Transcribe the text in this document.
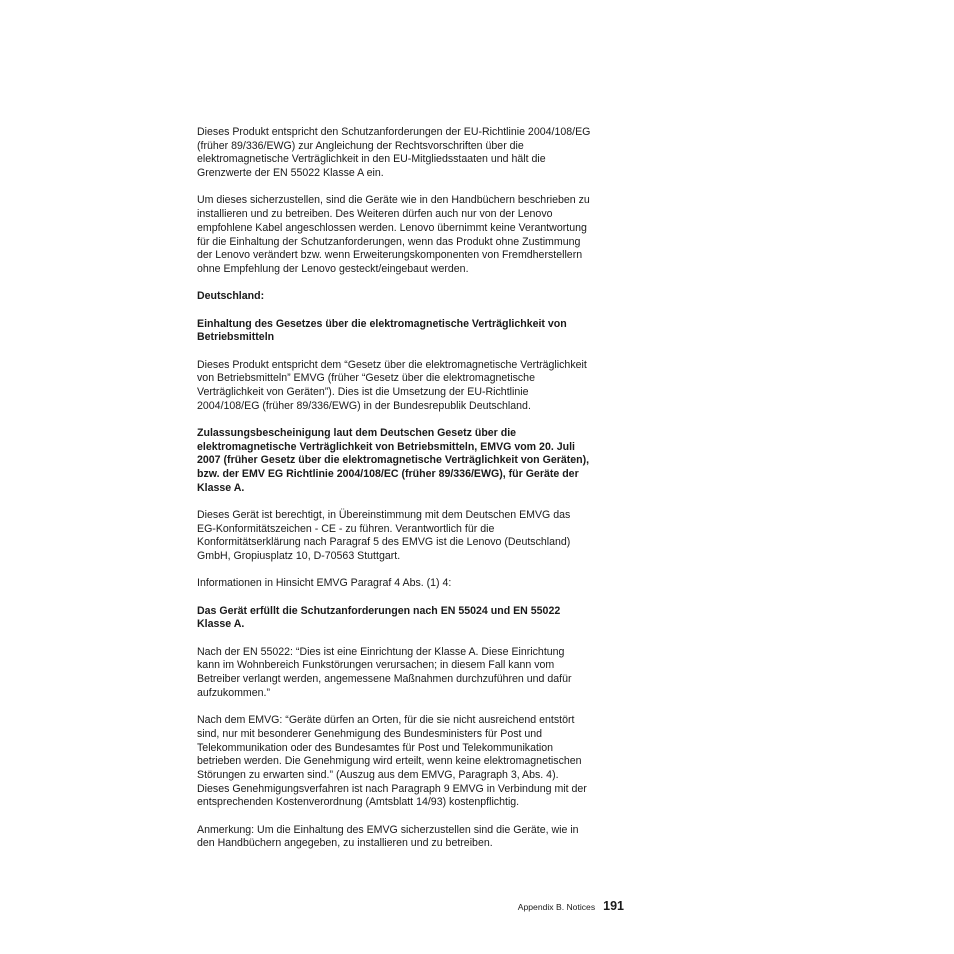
Dieses Produkt entspricht den Schutzanforderungen der EU-Richtlinie 2004/108/EG
(früher 89/336/EWG) zur Angleichung der Rechtsvorschriften über die
elektromagnetische Verträglichkeit in den EU-Mitgliedsstaaten und hält die
Grenzwerte der EN 55022 Klasse A ein.

Um dieses sicherzustellen, sind die Geräte wie in den Handbüchern beschrieben zu
installieren und zu betreiben. Des Weiteren dürfen auch nur von der Lenovo
empfohlene Kabel angeschlossen werden. Lenovo übernimmt keine Verantwortung
für die Einhaltung der Schutzanforderungen, wenn das Produkt ohne Zustimmung
der Lenovo verändert bzw. wenn Erweiterungskomponenten von Fremdherstellern
ohne Empfehlung der Lenovo gesteckt/eingebaut werden.

Deutschland:

Einhaltung des Gesetzes über die elektromagnetische Verträglichkeit von
Betriebsmitteln

Dieses Produkt entspricht dem “Gesetz über die elektromagnetische Verträglichkeit
von Betriebsmitteln” EMVG (früher “Gesetz über die elektromagnetische
Verträglichkeit von Geräten”). Dies ist die Umsetzung der EU-Richtlinie
2004/108/EG (früher 89/336/EWG) in der Bundesrepublik Deutschland.

Zulassungsbescheinigung laut dem Deutschen Gesetz über die
elektromagnetische Verträglichkeit von Betriebsmitteln, EMVG vom 20. Juli
2007 (früher Gesetz über die elektromagnetische Verträglichkeit von Geräten),
bzw. der EMV EG Richtlinie 2004/108/EC (früher 89/336/EWG), für Geräte der
Klasse A.

Dieses Gerät ist berechtigt, in Übereinstimmung mit dem Deutschen EMVG das
EG-Konformitätszeichen - CE - zu führen. Verantwortlich für die
Konformitätserklärung nach Paragraf 5 des EMVG ist die Lenovo (Deutschland)
GmbH, Gropiusplatz 10, D-70563 Stuttgart.

Informationen in Hinsicht EMVG Paragraf 4 Abs. (1) 4:

Das Gerät erfüllt die Schutzanforderungen nach EN 55024 und EN 55022
Klasse A.

Nach der EN 55022: “Dies ist eine Einrichtung der Klasse A. Diese Einrichtung
kann im Wohnbereich Funkstörungen verursachen; in diesem Fall kann vom
Betreiber verlangt werden, angemessene Maßnahmen durchzuführen und dafür
aufzukommen.”

Nach dem EMVG: “Geräte dürfen an Orten, für die sie nicht ausreichend entstört
sind, nur mit besonderer Genehmigung des Bundesministers für Post und
Telekommunikation oder des Bundesamtes für Post und Telekommunikation
betrieben werden. Die Genehmigung wird erteilt, wenn keine elektromagnetischen
Störungen zu erwarten sind.” (Auszug aus dem EMVG, Paragraph 3, Abs. 4).
Dieses Genehmigungsverfahren ist nach Paragraph 9 EMVG in Verbindung mit der
entsprechenden Kostenverordnung (Amtsblatt 14/93) kostenpflichtig.

Anmerkung: Um die Einhaltung des EMVG sicherzustellen sind die Geräte, wie in
den Handbüchern angegeben, zu installieren und zu betreiben.

Appendix B. Notices 191
